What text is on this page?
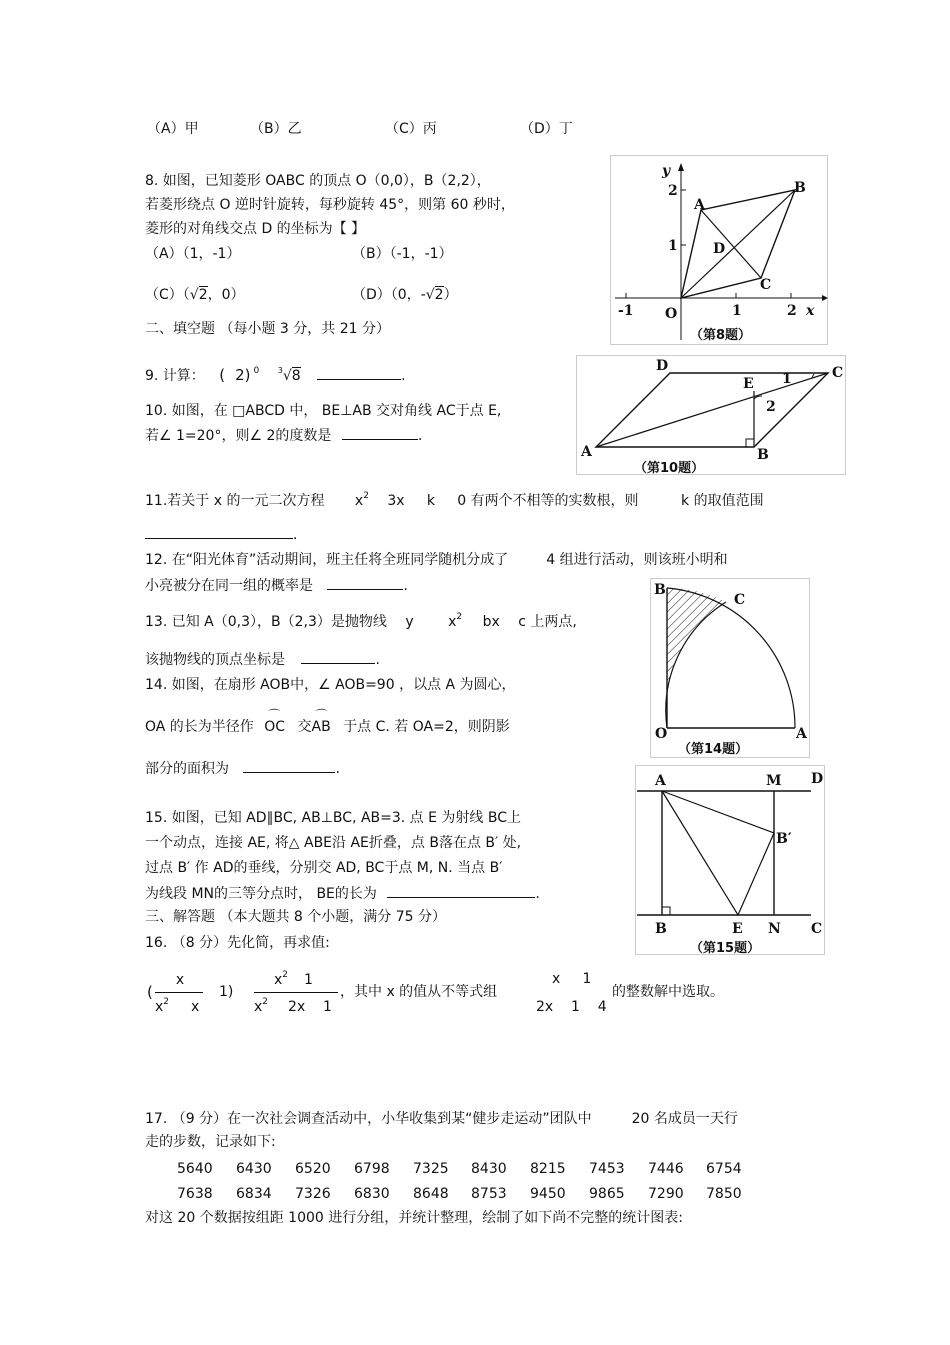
（A）甲	（B）乙	（C）丙	（D）丁
8. 如图，已知菱形 OABC 的顶点 O（0,0），B（2,2），
若菱形绕点 O 逆时针旋转，每秒旋转 45°，则第 60 秒时，
菱形的对角线交点 D 的坐标为【 】
（A）（1，-1）	（B）（-1，-1）
（C）（√2，0）	（D）（0，-√2）
y
2
1
A
B
D
C
-1 O	1	2 x
（第8题）
二、填空题 （每小题 3 分，共 21 分）
9. 计算： ( 2) $^0$ $^3$√8	.
10. 如图，在 □ABCD 中， BE⊥AB 交对角线 AC于点 E,
若∠ 1=20°，则∠ 2的度数是	.
D
E 1	C
2
A	B
（第10题）
11.若关于 x 的一元二次方程 $x^2$ 3x     k     0 有两个不相等的实数根，则	k 的取值范围
.
12. 在“阳光体育”活动期间，班主任将全班同学随机分成了	4 组进行活动，则该班小明和
小亮被分在同一组的概率是	.
13. 已知 A（0,3），B（2,3）是抛物线 y $x^2$ bx c 上两点,
该抛物线的顶点坐标是	.
14. 如图，在扇形 AOB中，∠ AOB=90 ，以点 A 为圆心，
OA 的长为半径作
⌒
OC 交
⌒
AB 于点 C. 若 OA=2，则阴影
部分的面积为	.
B
C
O	A
（第14题）
15. 如图，已知 AD∥BC, AB⊥BC, AB=3. 点 E 为射线 BC上
一个动点，连接 AE, 将△ ABE沿 AE折叠，点 B落在点 B′ 处,
过点 B′ 作 AD的垂线，分别交 AD, BC于点 M, N. 当点 B′
为线段 MN的三等分点时， BE的长为	.
A	M D
B′
B	E N C
（第15题）
三、解答题 （本大题共 8 个小题，满分 75 分）
16. （8 分）先化简，再求值:
(
x
$x^2$ x
1)
$x^2$ 1
$x^2$ 2x    1
，其中 x 的值从不等式组
x     1
2x    1    4
的整数解中选取。
17. （9 分）在一次社会调查活动中，小华收集到某“健步走运动”团队中	20 名成员一天行
走的步数，记录如下:
5640 6430 6520 6798 7325 8430 8215 7453 7446 6754
7638 6834 7326 6830 8648 8753 9450 9865 7290 7850
对这 20 个数据按组距 1000 进行分组，并统计整理，绘制了如下尚不完整的统计图表:
